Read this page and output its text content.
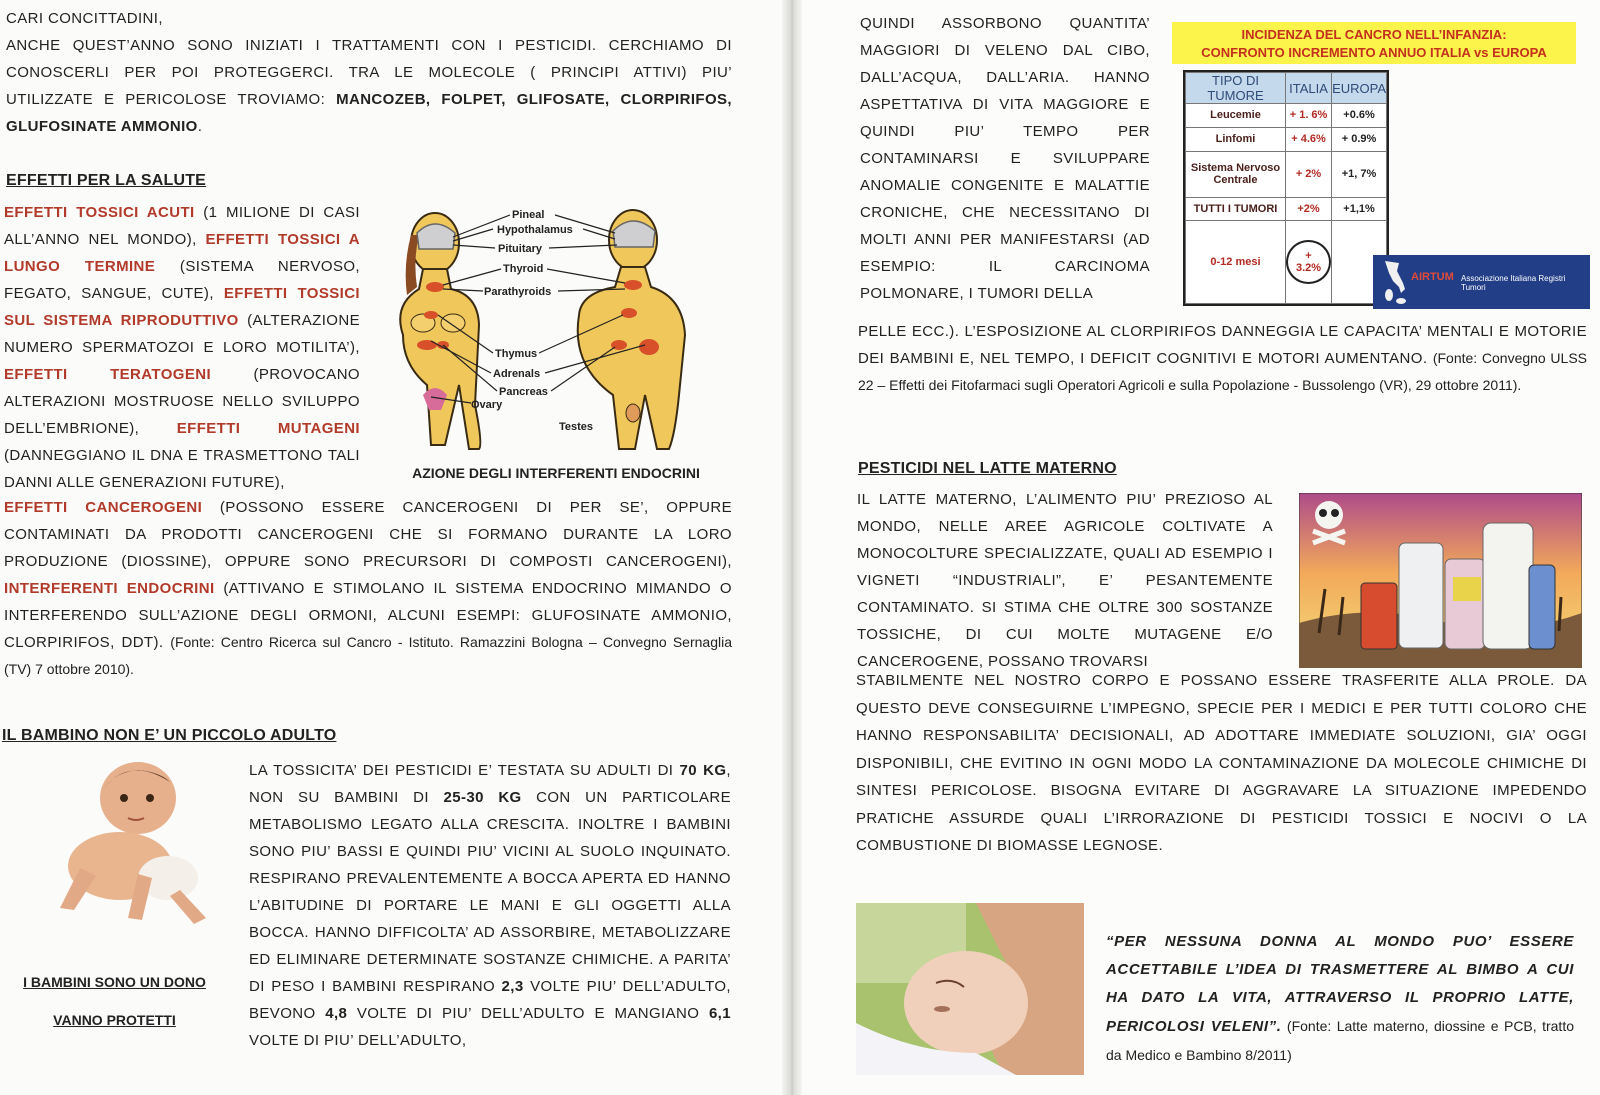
CARI CONCITTADINI,
ANCHE QUEST’ANNO SONO INIZIATI I TRATTAMENTI CON I PESTICIDI. CERCHIAMO DI
CONOSCERLI PER POI PROTEGGERCI. TRA LE MOLECOLE ( PRINCIPI ATTIVI) PIU’
UTILIZZATE E PERICOLOSE TROVIAMO: MANCOZEB, FOLPET, GLIFOSATE, CLORPIRIFOS,
GLUFOSINATE AMMONIO.
EFFETTI PER LA SALUTE
EFFETTI TOSSICI ACUTI (1 MILIONE DI CASI ALL’ANNO NEL MONDO), EFFETTI TOSSICI A LUNGO TERMINE (SISTEMA NERVOSO, FEGATO, SANGUE, CUTE), EFFETTI TOSSICI SUL SISTEMA RIPRODUTTIVO (ALTERAZIONE NUMERO SPERMATOZOI E LORO MOTILITA’), EFFETTI TERATOGENI (PROVOCANO ALTERAZIONI MOSTRUOSE NELLO SVILUPPO DELL’EMBRIONE), EFFETTI MUTAGENI (DANNEGGIANO IL DNA E TRASMETTONO TALI DANNI ALLE GENERAZIONI FUTURE),
EFFETTI CANCEROGENI (POSSONO ESSERE CANCEROGENI DI PER SE’, OPPURE CONTAMINATI DA PRODOTTI CANCEROGENI CHE SI FORMANO DURANTE LA LORO PRODUZIONE (DIOSSINE), OPPURE SONO PRECURSORI DI COMPOSTI CANCEROGENI), INTERFERENTI ENDOCRINI (ATTIVANO E STIMOLANO IL SISTEMA ENDOCRINO MIMANDO O INTERFERENDO SULL’AZIONE DEGLI ORMONI, ALCUNI ESEMPI: GLUFOSINATE AMMONIO, CLORPIRIFOS, DDT). (Fonte: Centro Ricerca sul Cancro - Istituto. Ramazzini Bologna – Convegno Sernaglia (TV) 7 ottobre 2010).
Pineal
Hypothalamus
Pituitary
Thyroid
Parathyroids
Thymus
Adrenals
Pancreas
Ovary
Testes
AZIONE DEGLI INTERFERENTI ENDOCRINI
IL BAMBINO NON E’ UN PICCOLO ADULTO
I BAMBINI SONO UN DONO
VANNO PROTETTI
LA TOSSICITA’ DEI PESTICIDI E’ TESTATA SU ADULTI DI 70 KG, NON SU BAMBINI DI 25-30 KG CON UN PARTICOLARE METABOLISMO LEGATO ALLA CRESCITA. INOLTRE I BAMBINI SONO PIU’ BASSI E QUINDI PIU’ VICINI AL SUOLO INQUINATO. RESPIRANO PREVALENTEMENTE A BOCCA APERTA ED HANNO L’ABITUDINE DI PORTARE LE MANI E GLI OGGETTI ALLA BOCCA. HANNO DIFFICOLTA’ AD ASSORBIRE, METABOLIZZARE ED ELIMINARE DETERMINATE SOSTANZE CHIMICHE. A PARITA’ DI PESO I BAMBINI RESPIRANO 2,3 VOLTE PIU’ DELL’ADULTO, BEVONO 4,8 VOLTE DI PIU’ DELL’ADULTO E MANGIANO 6,1 VOLTE DI PIU’ DELL’ADULTO,
QUINDI ASSORBONO QUANTITA’ MAGGIORI DI VELENO DAL CIBO, DALL’ACQUA, DALL’ARIA. HANNO ASPETTATIVA DI VITA MAGGIORE E QUINDI PIU’ TEMPO PER CONTAMINARSI E SVILUPPARE ANOMALIE CONGENITE E MALATTIE CRONICHE, CHE NECESSITANO DI MOLTI ANNI PER MANIFESTARSI (AD ESEMPIO: IL CARCINOMA POLMONARE, I TUMORI DELLA
INCIDENZA DEL CANCRO NELL’INFANZIA:
CONFRONTO INCREMENTO ANNUO ITALIA vs EUROPA
TIPO DI TUMORE	ITALIA	EUROPA
Leucemie	+ 1. 6%	+0.6%
Linfomi	+ 4.6%	+ 0.9%
Sistema Nervoso Centrale	+ 2%	+1, 7%
TUTTI I TUMORI	+2%	+1,1%
0-12 mesi	+ 3.2%	
AIRTUM Associazione Italiana Registri Tumori
PELLE ECC.). L’ESPOSIZIONE AL CLORPIRIFOS DANNEGGIA LE CAPACITA’ MENTALI E MOTORIE DEI BAMBINI E, NEL TEMPO, I DEFICIT COGNITIVI E MOTORI AUMENTANO. (Fonte: Convegno ULSS 22 – Effetti dei Fitofarmaci sugli Operatori Agricoli e sulla Popolazione - Bussolengo (VR), 29 ottobre 2011).
PESTICIDI NEL LATTE MATERNO
IL LATTE MATERNO, L’ALIMENTO PIU’ PREZIOSO AL MONDO, NELLE AREE AGRICOLE COLTIVATE A MONOCOLTURE SPECIALIZZATE, QUALI AD ESEMPIO I VIGNETI “INDUSTRIALI”, E’ PESANTEMENTE CONTAMINATO. SI STIMA CHE OLTRE 300 SOSTANZE TOSSICHE, DI CUI MOLTE MUTAGENE E/O CANCEROGENE, POSSANO TROVARSI
STABILMENTE NEL NOSTRO CORPO E POSSANO ESSERE TRASFERITE ALLA PROLE. DA QUESTO DEVE CONSEGUIRNE L’IMPEGNO, SPECIE PER I MEDICI E PER TUTTI COLORO CHE HANNO RESPONSABILITA’ DECISIONALI, AD ADOTTARE IMMEDIATE SOLUZIONI, GIA’ OGGI DISPONIBILI, CHE EVITINO IN OGNI MODO LA CONTAMINAZIONE DA MOLECOLE CHIMICHE DI SINTESI PERICOLOSE. BISOGNA EVITARE DI AGGRAVARE LA SITUAZIONE IMPEDENDO PRATICHE ASSURDE QUALI L’IRRORAZIONE DI PESTICIDI TOSSICI E NOCIVI O LA COMBUSTIONE DI BIOMASSE LEGNOSE.
“PER NESSUNA DONNA AL MONDO PUO’ ESSERE ACCETTABILE L’IDEA DI TRASMETTERE AL BIMBO A CUI HA DATO LA VITA, ATTRAVERSO IL PROPRIO LATTE, PERICOLOSI VELENI”. (Fonte: Latte materno, diossine e PCB, tratto da Medico e Bambino 8/2011)
